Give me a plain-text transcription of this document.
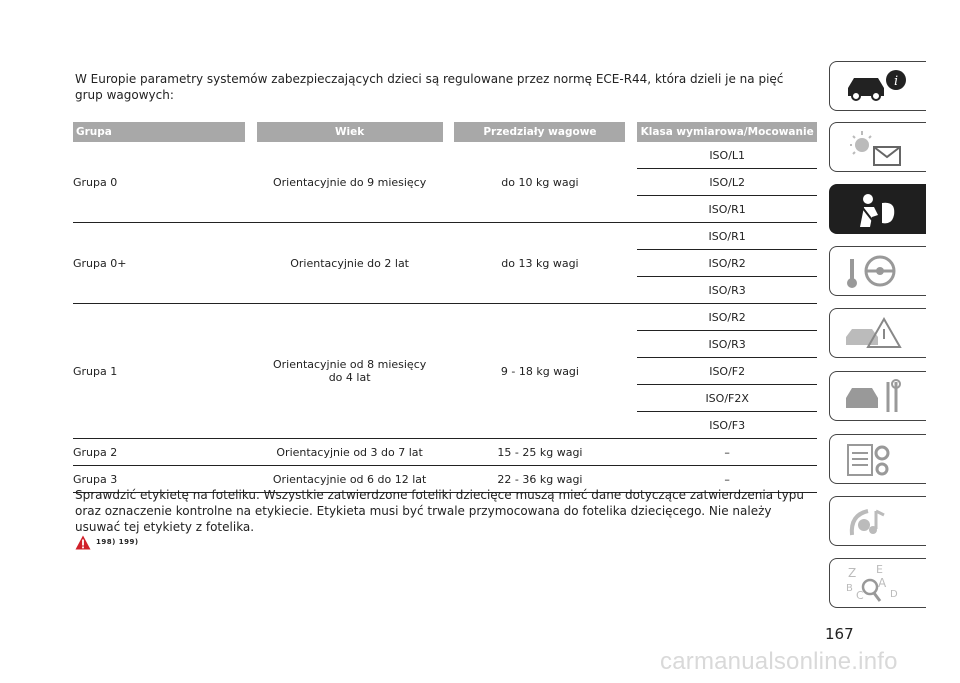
W Europie parametry systemów zabezpieczających dzieci są regulowane przez normę ECE-R44, która dzieli je na pięć grup wagowych:
Grupa		Wiek		Przedziały wagowe		Klasa wymiarowa/Mocowanie
Grupa 0		Orientacyjnie do 9 miesięcy		do 10 kg wagi		ISO/L1
						ISO/L2
						ISO/R1
Grupa 0+		Orientacyjnie do 2 lat		do 13 kg wagi		ISO/R1
						ISO/R2
						ISO/R3
Grupa 1		Orientacyjnie od 8 miesięcy do 4 lat		9 - 18 kg wagi		ISO/R2
						ISO/R3
						ISO/F2
						ISO/F2X
						ISO/F3
Grupa 2		Orientacyjnie od 3 do 7 lat		15 - 25 kg wagi		–
Grupa 3		Orientacyjnie od 6 do 12 lat		22 - 36 kg wagi		–
Sprawdzić etykietę na foteliku. Wszystkie zatwierdzone foteliki dziecięce muszą mieć dane dotyczące zatwierdzenia typu oraz oznaczenie kontrolne na etykiecie. Etykieta musi być trwale przymocowana do fotelika dziecięcego. Nie należy usuwać tej etykiety z fotelika.
198) 199)
i
Z E
B A
C	D
167
carmanualsonline.info
